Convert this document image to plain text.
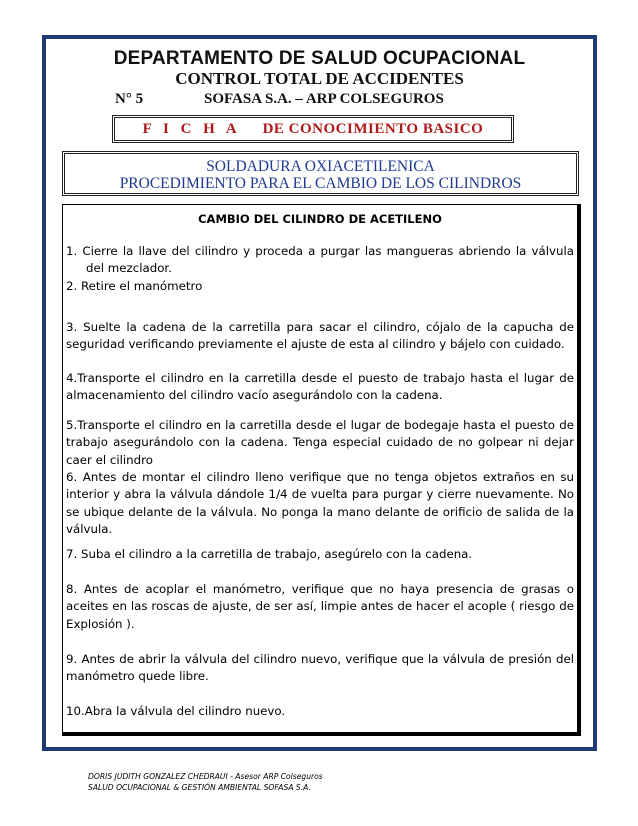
DEPARTAMENTO DE SALUD OCUPACIONAL
CONTROL TOTAL DE ACCIDENTES
N° 5	SOFASA S.A. – ARP COLSEGUROS
F I C H A DE CONOCIMIENTO BASICO
SOLDADURA OXIACETILENICA
PROCEDIMIENTO PARA EL CAMBIO DE LOS CILINDROS
CAMBIO DEL CILINDRO DE ACETILENO

1. Cierre la llave del cilindro y proceda a purgar las mangueras abriendo la válvula del mezclador.

2. Retire el manómetro

3. Suelte la cadena de la carretilla para sacar el cilindro, cójalo de la capucha de seguridad verificando previamente el ajuste de esta al cilindro y bájelo con cuidado.

4.Transporte el cilindro en la carretilla desde el puesto de trabajo hasta el lugar de almacenamiento del cilindro vacío asegurándolo con la cadena.

5.Transporte el cilindro en la carretilla desde el lugar de bodegaje hasta el puesto de trabajo asegurándolo con la cadena. Tenga especial cuidado de no golpear ni dejar caer el cilindro

6. Antes de montar el cilindro lleno verifique que no tenga objetos extraños en su interior y abra la válvula dándole 1/4 de vuelta para purgar y cierre nuevamente. No se ubique delante de la válvula. No ponga la mano delante de orificio de salida de la válvula.

7. Suba el cilindro a la carretilla de trabajo, asegúrelo con la cadena.

8. Antes de acoplar el manómetro, verifique que no haya presencia de grasas o aceites en las roscas de ajuste, de ser así, limpie antes de hacer el acople ( riesgo de Explosión ).

9. Antes de abrir la válvula del cilindro nuevo, verifique que la válvula de presión del manómetro quede libre.

10.Abra la válvula del cilindro nuevo.

DORIS JUDITH GONZALEZ CHEDRAUI - Asesor ARP Colseguros
SALUD OCUPACIONAL & GESTIÓN AMBIENTAL SOFASA S.A.
